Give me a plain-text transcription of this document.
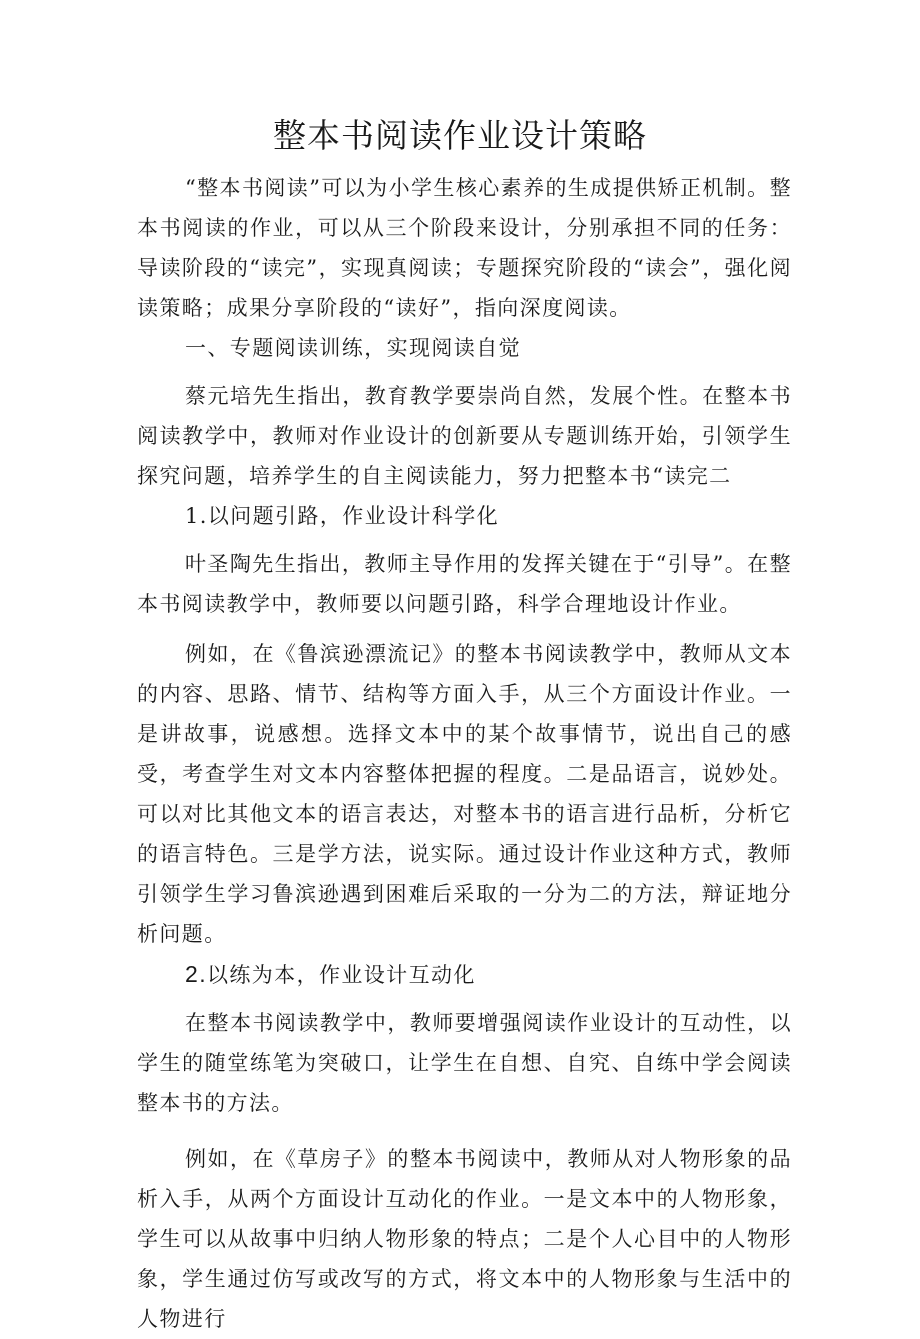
整本书阅读作业设计策略

“整本书阅读”可以为小学生核心素养的生成提供矫正机制。整本书阅读的作业，可以从三个阶段来设计，分别承担不同的任务：导读阶段的“读完”，实现真阅读；专题探究阶段的“读会”，强化阅读策略；成果分享阶段的“读好”，指向深度阅读。

一、专题阅读训练，实现阅读自觉

蔡元培先生指出，教育教学要崇尚自然，发展个性。在整本书阅读教学中，教师对作业设计的创新要从专题训练开始，引领学生探究问题，培养学生的自主阅读能力，努力把整本书“读完二

1.以问题引路，作业设计科学化

叶圣陶先生指出，教师主导作用的发挥关键在于“引导”。在整本书阅读教学中，教师要以问题引路，科学合理地设计作业。

例如，在《鲁滨逊漂流记》的整本书阅读教学中，教师从文本的内容、思路、情节、结构等方面入手，从三个方面设计作业。一是讲故事，说感想。选择文本中的某个故事情节，说出自己的感受，考查学生对文本内容整体把握的程度。二是品语言，说妙处。可以对比其他文本的语言表达，对整本书的语言进行品析，分析它的语言特色。三是学方法，说实际。通过设计作业这种方式，教师引领学生学习鲁滨逊遇到困难后采取的一分为二的方法，辩证地分析问题。

2.以练为本，作业设计互动化

在整本书阅读教学中，教师要增强阅读作业设计的互动性，以学生的随堂练笔为突破口，让学生在自想、自究、自练中学会阅读整本书的方法。

例如，在《草房子》的整本书阅读中，教师从对人物形象的品析入手，从两个方面设计互动化的作业。一是文本中的人物形象，学生可以从故事中归纳人物形象的特点；二是个人心目中的人物形象，学生通过仿写或改写的方式，将文本中的人物形象与生活中的人物进行
